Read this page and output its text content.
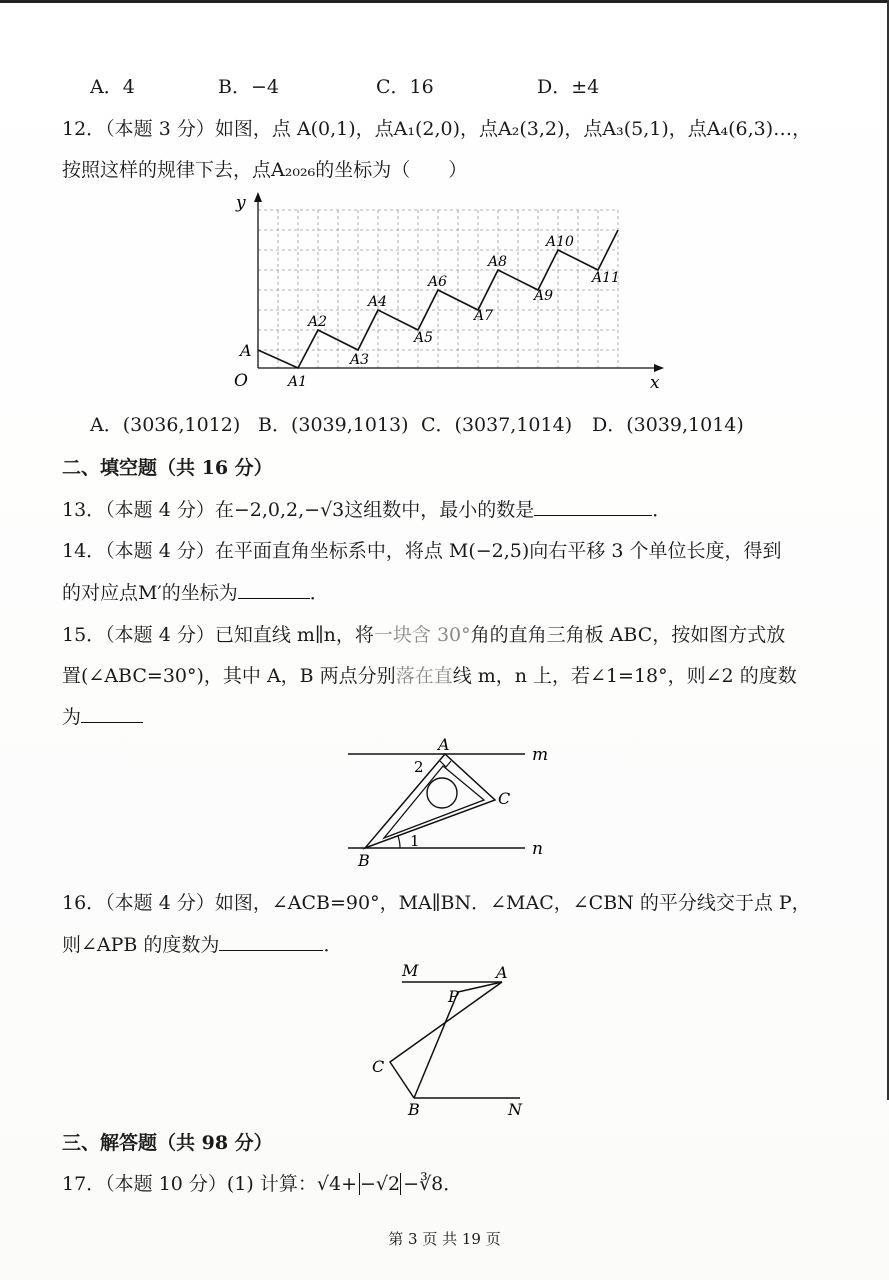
A．4	B．−4	C．16	D．±4
12．（本题 3 分）如图，点 A(0,1)，点A₁(2,0)，点A₂(3,2)，点A₃(5,1)，点A₄(6,3)…，
按照这样的规律下去，点A₂₀₂₆的坐标为（　　）
y
x
O
A
A1
A2
A3
A4
A5
A6
A7
A8
A9
A10
A11
A．(3036,1012) B．(3039,1013) C．(3037,1014) D．(3039,1014)
二、填空题（共 16 分）
13．（本题 4 分）在−2,0,2,−√3这组数中，最小的数是	．
14．（本题 4 分）在平面直角坐标系中，将点 M(−2,5)向右平移 3 个单位长度，得到
的对应点M′的坐标为	．
15．（本题 4 分）已知直线 m∥n，将一块含 30°角的直角三角板 ABC，按如图方式放
置(∠ABC=30°)，其中 A，B 两点分别落在直线 m，n 上，若∠1=18°，则∠2 的度数
为
A
m
C
B
n
1
2
16．（本题 4 分）如图，∠ACB=90°，MA∥BN．∠MAC，∠CBN 的平分线交于点 P，
则∠APB 的度数为	．
M	A
P
C
B	N
三、解答题（共 98 分）
17．（本题 10 分）(1) 计算：√4+ −√2 −∛8．
第 3 页 共 19 页
